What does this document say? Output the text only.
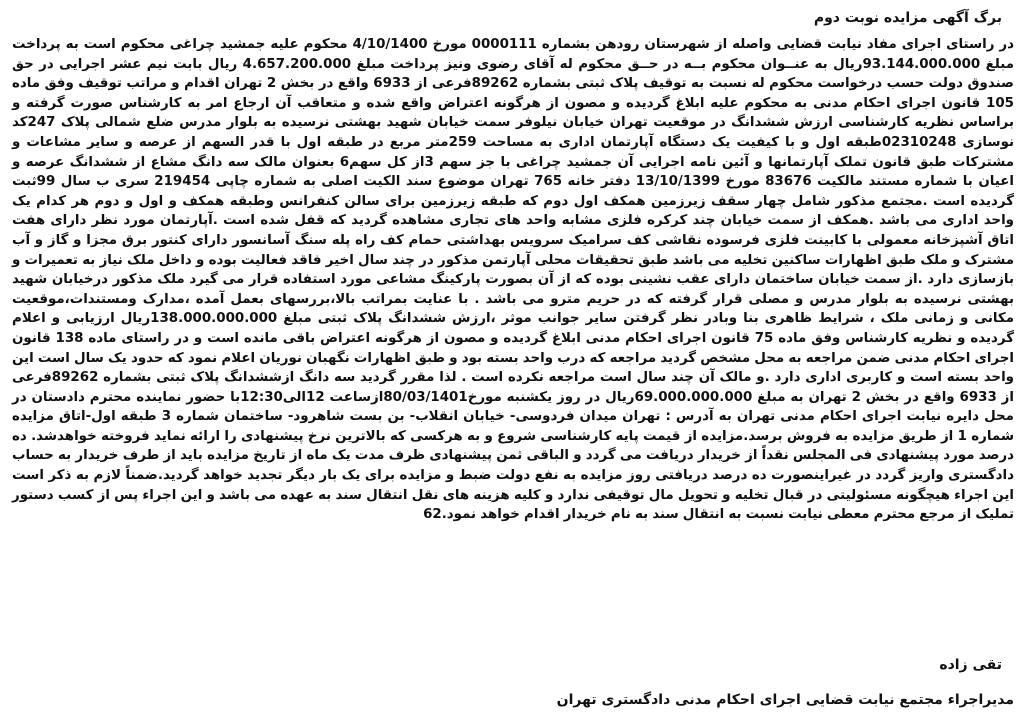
برگ آگهی مزایده نوبت دوم
در راستای اجرای مفاد نیابت قضایی واصله از شهرستان رودهن بشماره 0000111 مورخ 4/10/1400 محکوم علیه جمشید چراغی محکوم است به پرداخت مبلغ 93.144.000.000ریال به عنــوان محکوم بــه در حــق محکوم له آقای رضوی ونیز پرداخت مبلغ 4.657.200.000 ریال بابت نیم عشر اجرایی در حق صندوق دولت حسب درخواست محکوم له نسبت به توقیف پلاک ثبتی بشماره 89262فرعی از 6933 واقع در بخش 2 تهران اقدام و مراتب توقیف وفق ماده 105 قانون اجرای احکام مدنی به محکوم علیه ابلاغ گردیده و مصون از هرگونه اعتراض واقع شده و متعاقب آن ارجاع امر به کارشناس صورت گرفته و براساس نظریه کارشناسی ارزش ششدانگ در موقعیت تهران خیابان نیلوفر سمت خیابان شهید بهشتی نرسیده به بلوار مدرس ضلع شمالی پلاک 247کد نوسازی 02310248طبقه اول و با کیفیت یک دستگاه آپارتمان اداری به مساحت 259متر مربع در طبقه اول با قدر السهم از عرصه و سایر مشاعات و مشترکات طبق قانون تملک آپارتمانها و آئین نامه اجرایی آن جمشید چراغی با جز سهم 3از کل سهم6 بعنوان مالک سه دانگ مشاع از ششدانگ عرصه و اعیان با شماره مستند مالکیت 83676 مورخ 13/10/1399 دفتر خانه 765 تهران موضوع سند الکیت اصلی به شماره چاپی 219454 سری ب سال 99ثبت گردیده است .مجتمع مذکور شامل چهار سقف زیرزمین همکف اول دوم که طبقه زیرزمین برای سالن کنفرانس وطبقه همکف و اول و دوم هر کدام یک واحد اداری می باشد .همکف از سمت خیابان چند کرکره فلزی مشابه واحد های تجاری مشاهده گردید که قفل شده است .آپارتمان مورد نظر دارای هفت اتاق آشپزخانه معمولی با کابینت فلزی فرسوده نقاشی کف سرامیک سرویس بهداشتی حمام کف راه پله سنگ آسانسور دارای کنتور برق مجزا و گاز و آب مشترک و ملک طبق اظهارات ساکنین تخلیه می باشد طبق تحقیقات محلی آپارتمن مذکور در چند سال اخیر فاقد فعالیت بوده و داخل ملک نیاز به تعمیرات و بازسازی دارد .از سمت خیابان ساختمان دارای عقب نشینی بوده که از آن بصورت پارکینگ مشاعی مورد استفاده قرار می گیرد ملک مذکور درخیابان شهید بهشتی نرسیده به بلوار مدرس و مصلی قرار گرفته که در حریم مترو می باشد . با عنایت بمراتب بالا،بررسهای بعمل آمده ،مدارک ومستندات،موقعیت مکانی و زمانی ملک ، شرایط ظاهری بنا وبادر نظر گرفتن سایر جوانب موثر ،ارزش ششدانگ پلاک ثبتی مبلغ 138.000.000.000ریال ارزیابی و اعلام گردیده و نظریه کارشناس وفق ماده 75 قانون اجرای احکام مدنی ابلاغ گردیده و مصون از هرگونه اعتراض باقی مانده است و در راستای ماده 138 قانون اجرای احکام مدنی ضمن مراجعه به محل مشخص گردید مراجعه که درب واحد بسته بود و طبق اظهارات نگهبان نوریان اعلام نمود که حدود یک سال است این واحد بسته است و کاربری اداری دارد .و مالک آن چند سال است مراجعه نکرده است . لذا مقرر گردید سه دانگ ازششدانگ پلاک ثبتی بشماره 89262فرعی از 6933 واقع در بخش 2 تهران به مبلغ 69.000.000.000ریال در روز یکشنبه مورخ80/03/1401ازساعت 12الی12:30با حضور نماینده محترم دادستان در محل دایره نیابت اجرای احکام مدنی تهران به آدرس : تهران میدان فردوسی- خیابان انقلاب- بن بست شاهرود- ساختمان شماره 3 طبقه اول-اتاق مزایده شماره 1 از طریق مزایده به فروش برسد.مزایده از قیمت پایه کارشناسی شروع و به هرکسی که بالاترین نرخ پیشنهادی را ارائه نماید فروخته خواهدشد. ده درصد مورد پیشنهادی فی المجلس نقداً از خریدار دریافت می گردد و الباقی ثمن پیشنهادی ظرف مدت یک ماه از تاریخ مزایده باید از طرف خریدار به حساب دادگستری واریز گردد در غیراینصورت ده درصد دریافتی روز مزایده به نفع دولت ضبط و مزایده برای یک بار دیگر تجدید خواهد گردید.ضمناً لازم به ذکر است این اجراء هیچگونه مسئولیتی در قبال تخلیه و تحویل مال توقیفی ندارد و کلیه هزینه های نقل انتقال سند به عهده می باشد و این اجراء پس از کسب دستور تملیک از مرجع محترم معطی نیابت نسبت به انتقال سند به نام خریدار اقدام خواهد نمود.62
تقی زاده
مدیراجراء مجتمع نیابت قضایی اجرای احکام مدنی دادگستری تهران
